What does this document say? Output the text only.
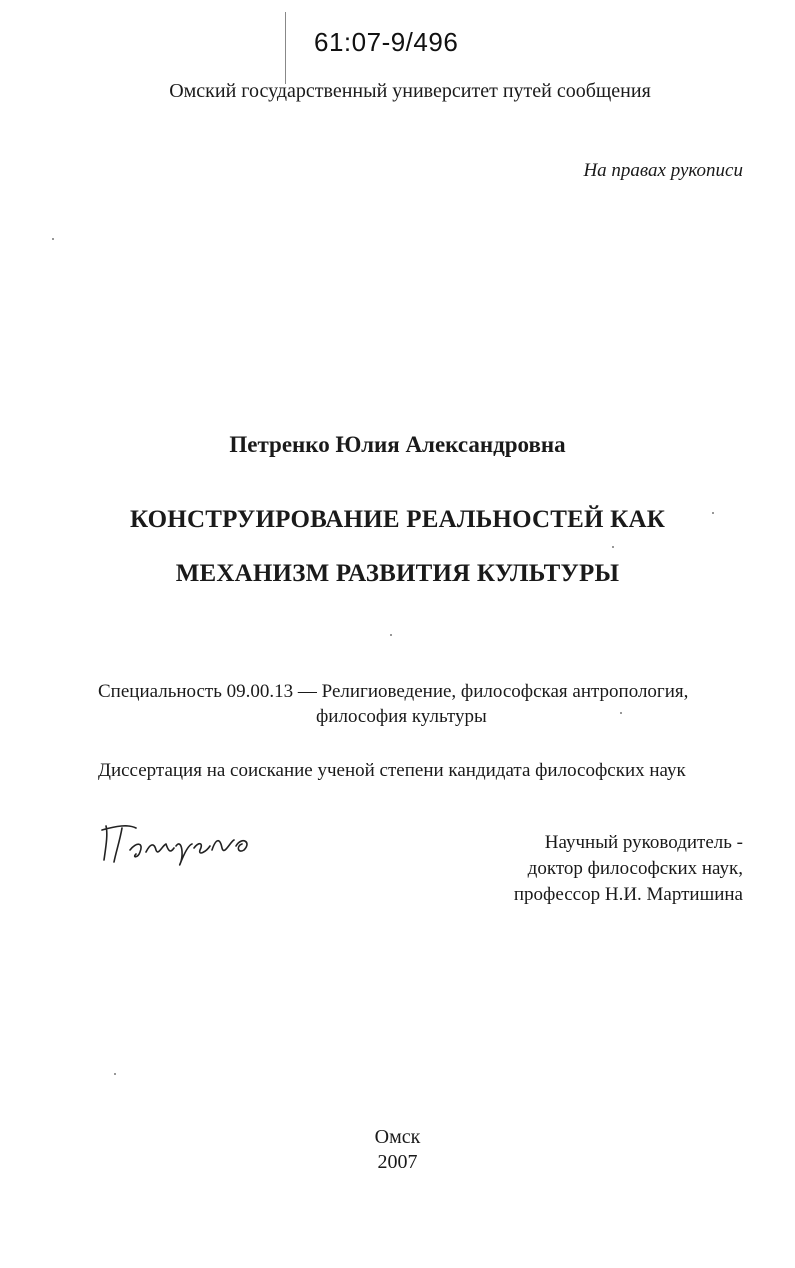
61:07-9/496
Омский государственный университет путей сообщения
На правах рукописи
Петренко Юлия Александровна
КОНСТРУИРОВАНИЕ РЕАЛЬНОСТЕЙ КАК
МЕХАНИЗМ РАЗВИТИЯ КУЛЬТУРЫ
Специальность 09.00.13 — Религиоведение, философская антропология,
философия культуры
Диссертация на соискание ученой степени кандидата философских наук
Научный руководитель -
доктор философских наук,
профессор Н.И. Мартишина
Омск
2007
